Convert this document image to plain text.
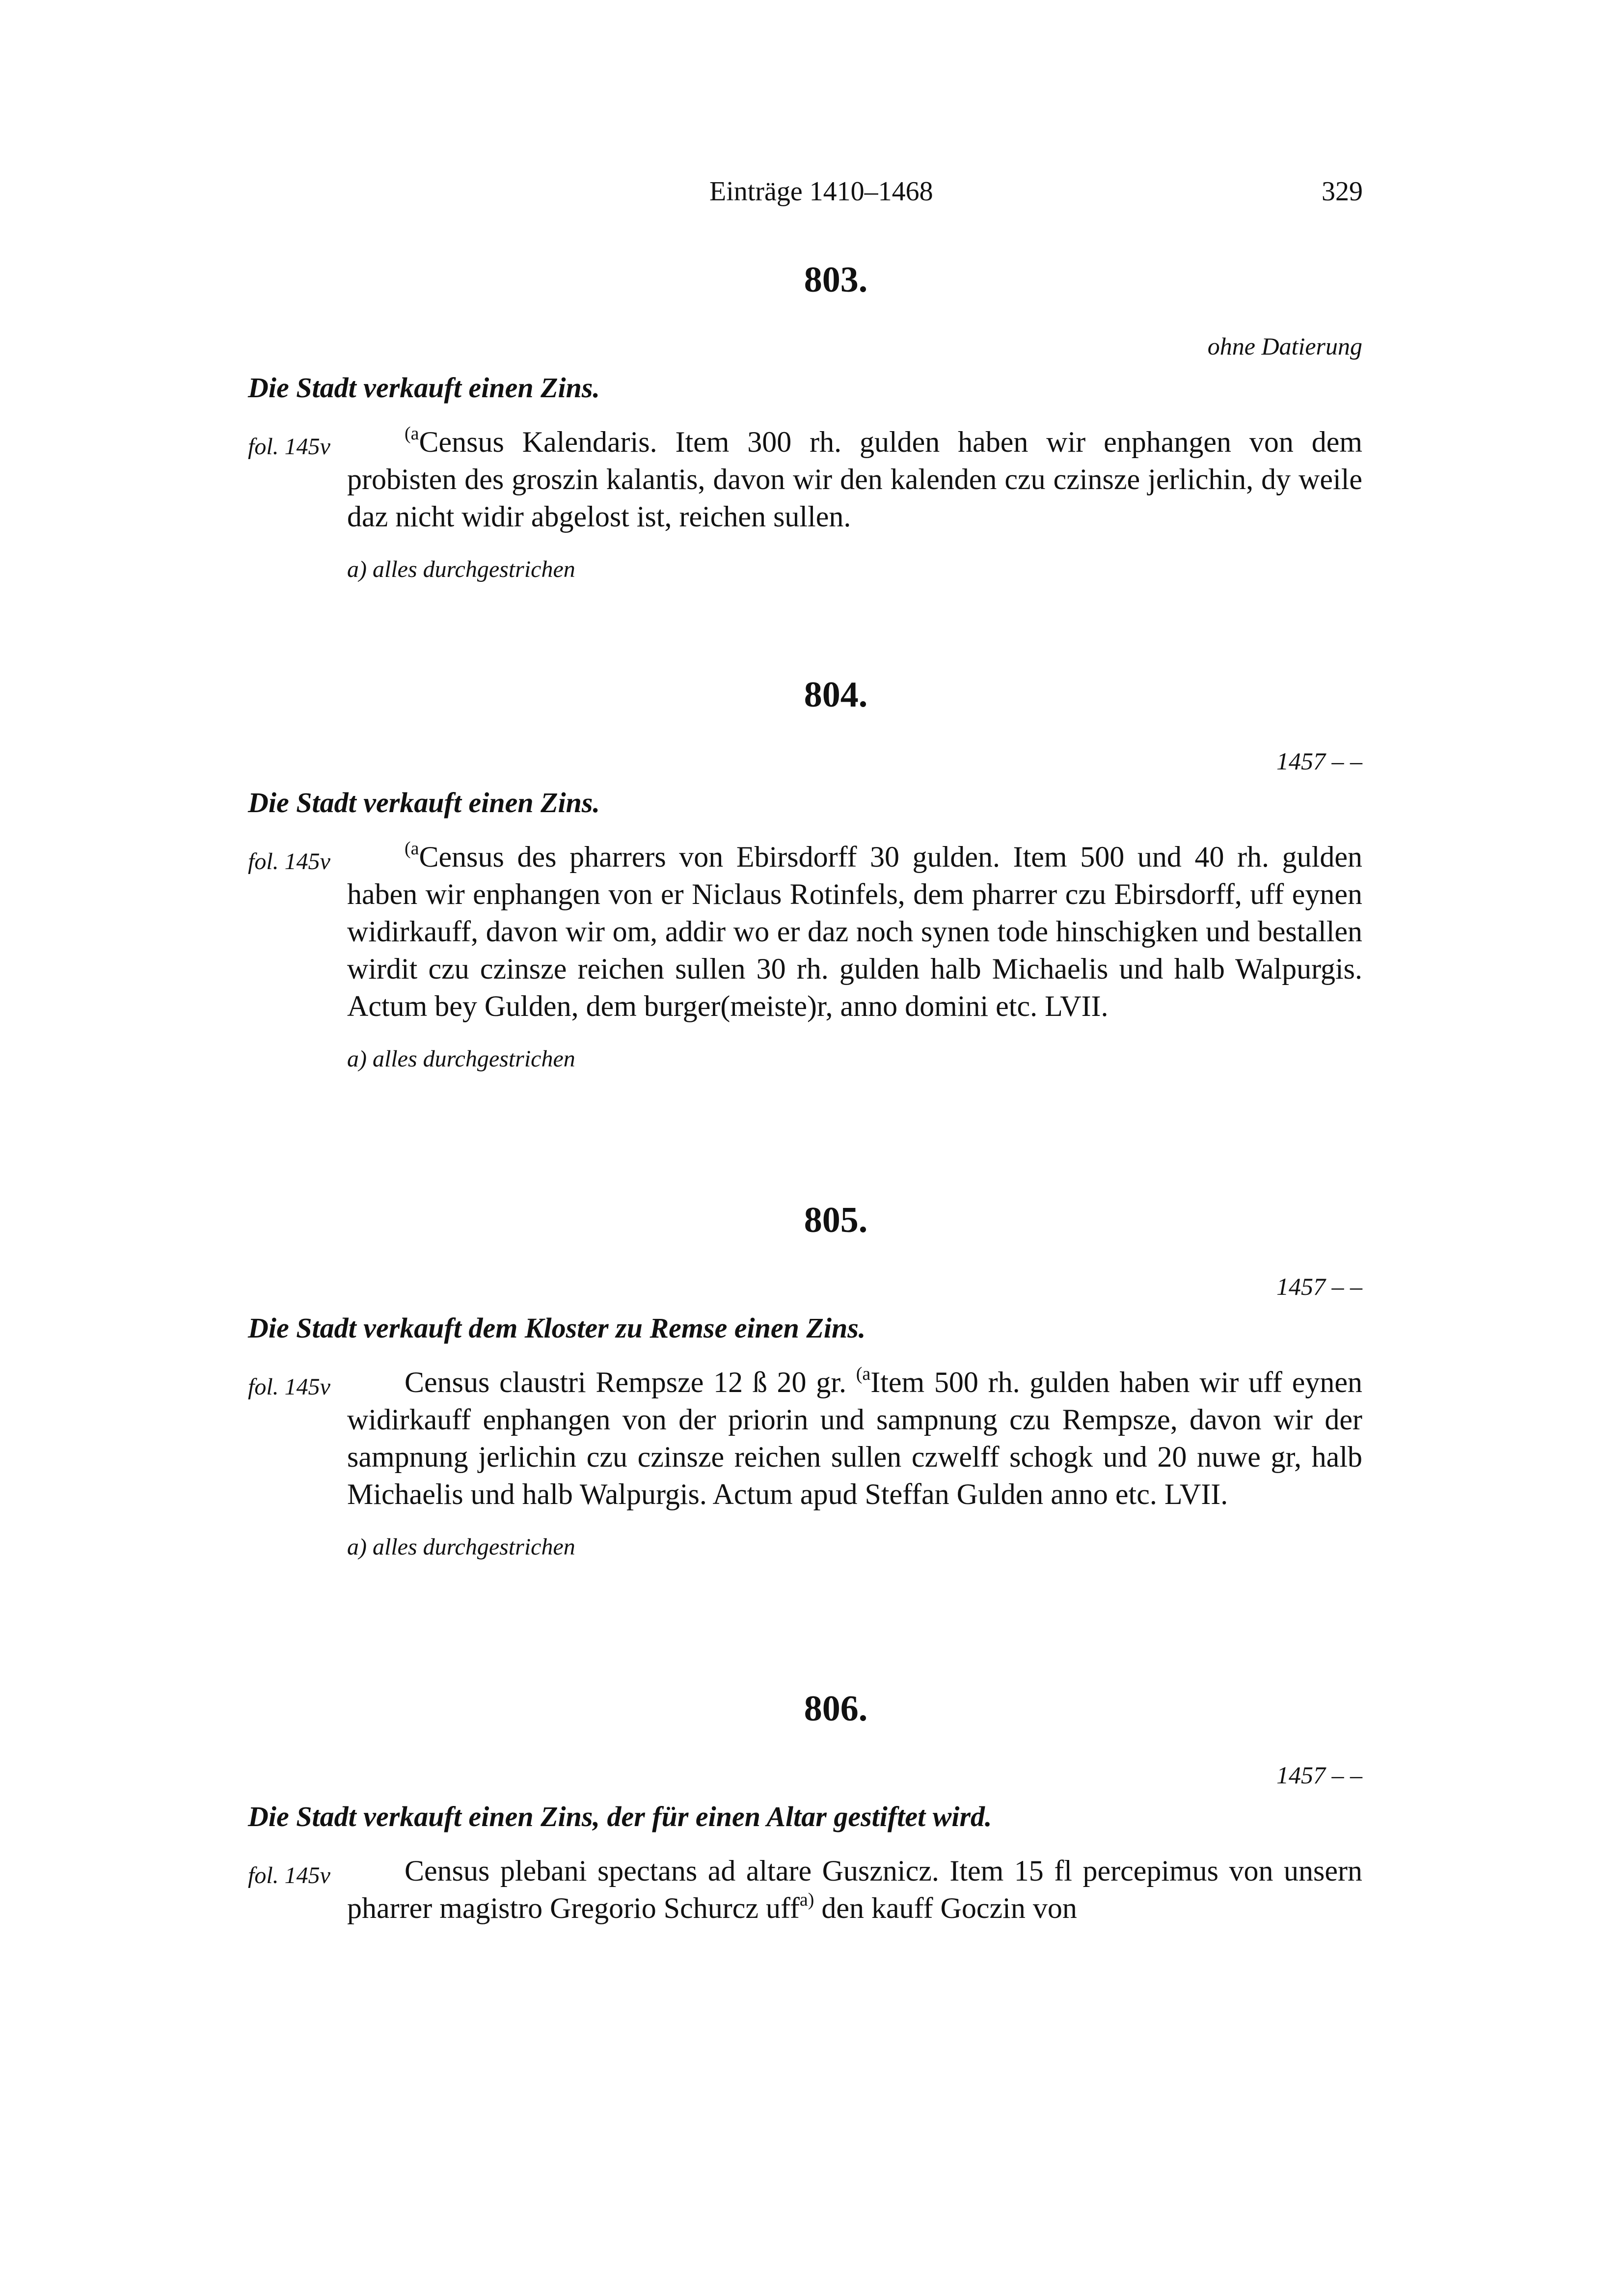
Einträge 1410–1468	329
803.
ohne Datierung
Die Stadt verkauft einen Zins.
fol. 145v	$^{(a}$Census Kalendaris. Item 300 rh. gulden haben wir enphangen von dem probisten des groszin kalantis, davon wir den kalenden czu czinsze jerlichin, dy weile daz nicht widir abgelost ist, reichen sullen.
a) alles durchgestrichen
804.
1457 – –
Die Stadt verkauft einen Zins.
fol. 145v	$^{(a}$Census des pharrers von Ebirsdorff 30 gulden. Item 500 und 40 rh. gulden haben wir enphangen von er Niclaus Rotinfels, dem pharrer czu Ebirsdorff, uff eynen widirkauff, davon wir om, addir wo er daz noch synen tode hinschigken und bestallen wirdit czu czinsze reichen sullen 30 rh. gulden halb Michaelis und halb Walpurgis. Actum bey Gulden, dem burger(meiste)r, anno domini etc. LVII.
a) alles durchgestrichen
805.
1457 – –
Die Stadt verkauft dem Kloster zu Remse einen Zins.
fol. 145v	Census claustri Rempsze 12 ß 20 gr. $^{(a}$Item 500 rh. gulden haben wir uff eynen widirkauff enphangen von der priorin und sampnung czu Rempsze, davon wir der sampnung jerlichin czu czinsze reichen sullen czwelff schogk und 20 nuwe gr, halb Michaelis und halb Walpurgis. Actum apud Steffan Gulden anno etc. LVII.
a) alles durchgestrichen
806.
1457 – –
Die Stadt verkauft einen Zins, der für einen Altar gestiftet wird.
fol. 145v	Census plebani spectans ad altare Gusznicz. Item 15 fl percepimus von unsern pharrer magistro Gregorio Schurcz uff$^{a)}$ den kauff Goczin von
